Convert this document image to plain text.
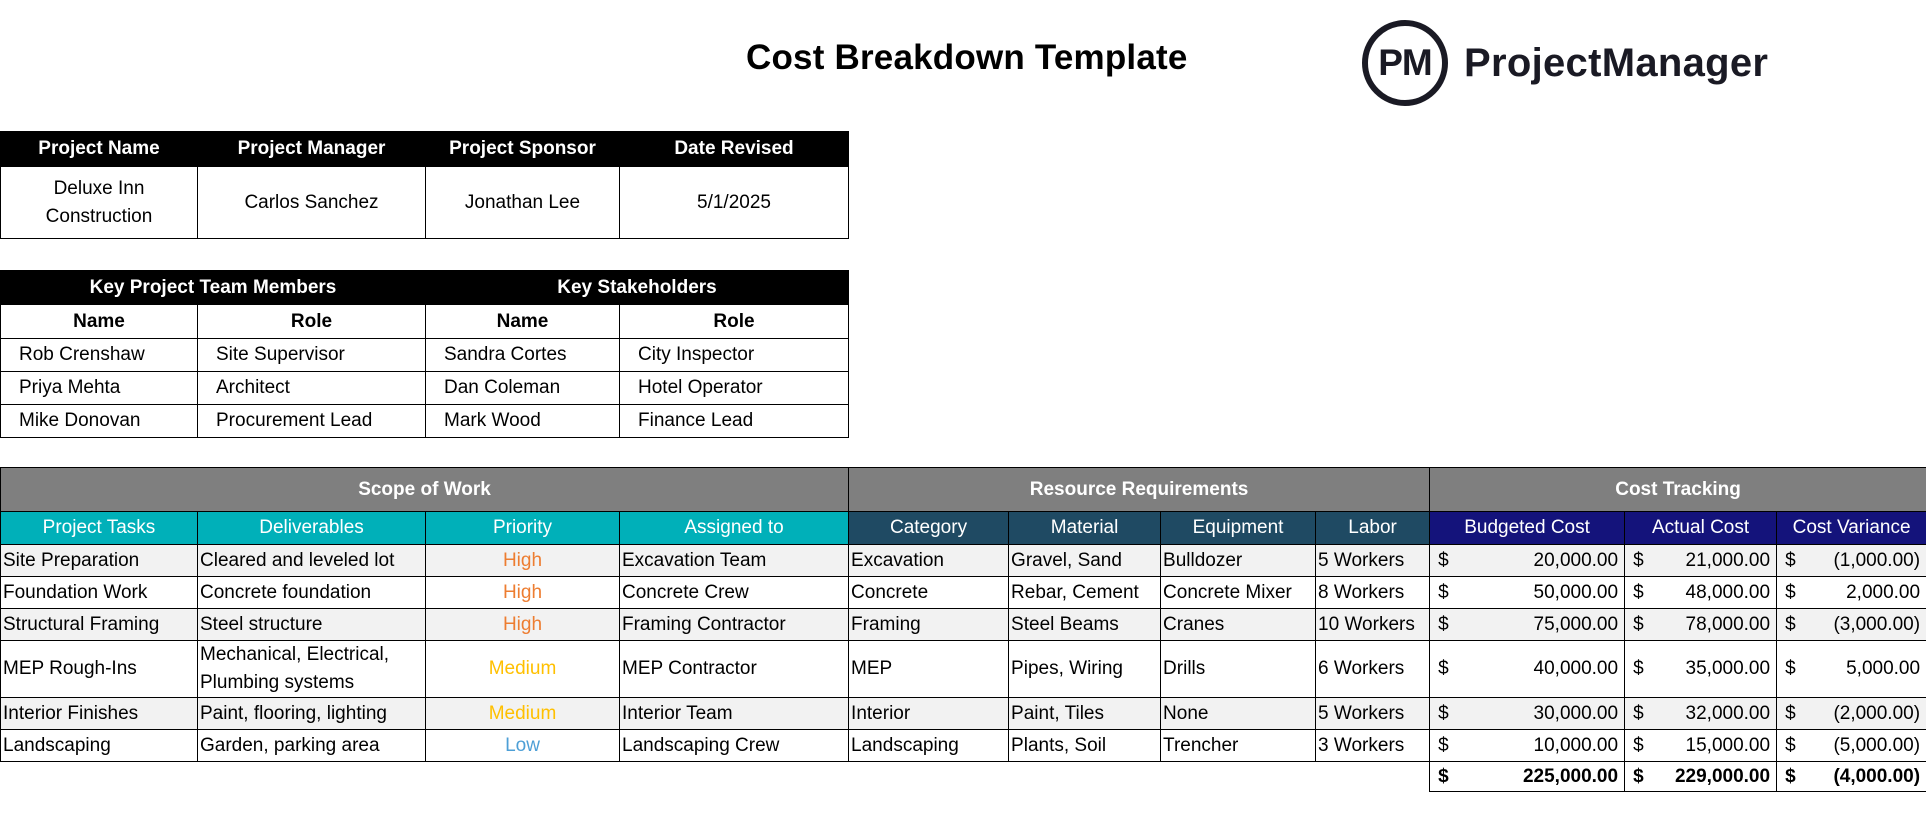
Cost Breakdown Template	PM ProjectManager
Project Name	Project Manager	Project Sponsor	Date Revised
Deluxe Inn Construction	Carlos Sanchez	Jonathan Lee	5/1/2025
Key Project Team Members		Key Stakeholders	
Name	Role	Name	Role
Rob Crenshaw	Site Supervisor	Sandra Cortes	City Inspector
Priya Mehta	Architect	Dan Coleman	Hotel Operator
Mike Donovan	Procurement Lead	Mark Wood	Finance Lead
Scope of Work				Resource Requirements				Cost Tracking		
Project Tasks	Deliverables	Priority	Assigned to	Category	Material	Equipment	Labor	Budgeted Cost	Actual Cost	Cost Variance
Site Preparation	Cleared and leveled lot	High	Excavation Team	Excavation	Gravel, Sand	Bulldozer	5 Workers	$ 20,000.00	$ 21,000.00	$ (1,000.00)

Foundation Work	Concrete foundation	High	Concrete Crew	Concrete	Rebar, Cement	Concrete Mixer	8 Workers	$ 50,000.00	$ 48,000.00	$ 2,000.00

Structural Framing	Steel structure	High	Framing Contractor	Framing	Steel Beams	Cranes	10 Workers	$ 75,000.00	$ 78,000.00	$ (3,000.00)

MEP Rough-Ins	Mechanical, Electrical, Plumbing systems	Medium	MEP Contractor	MEP	Pipes, Wiring	Drills	6 Workers	$ 40,000.00	$ 35,000.00	$ 5,000.00

Interior Finishes	Paint, flooring, lighting	Medium	Interior Team	Interior	Paint, Tiles	None	5 Workers	$ 30,000.00	$ 32,000.00	$ (2,000.00)

Landscaping	Garden, parking area	Low	Landscaping Crew	Landscaping	Plants, Soil	Trencher	3 Workers	$ 10,000.00	$ 15,000.00	$ (5,000.00)

								$ 225,000.00	$ 229,000.00	$ (4,000.00)
